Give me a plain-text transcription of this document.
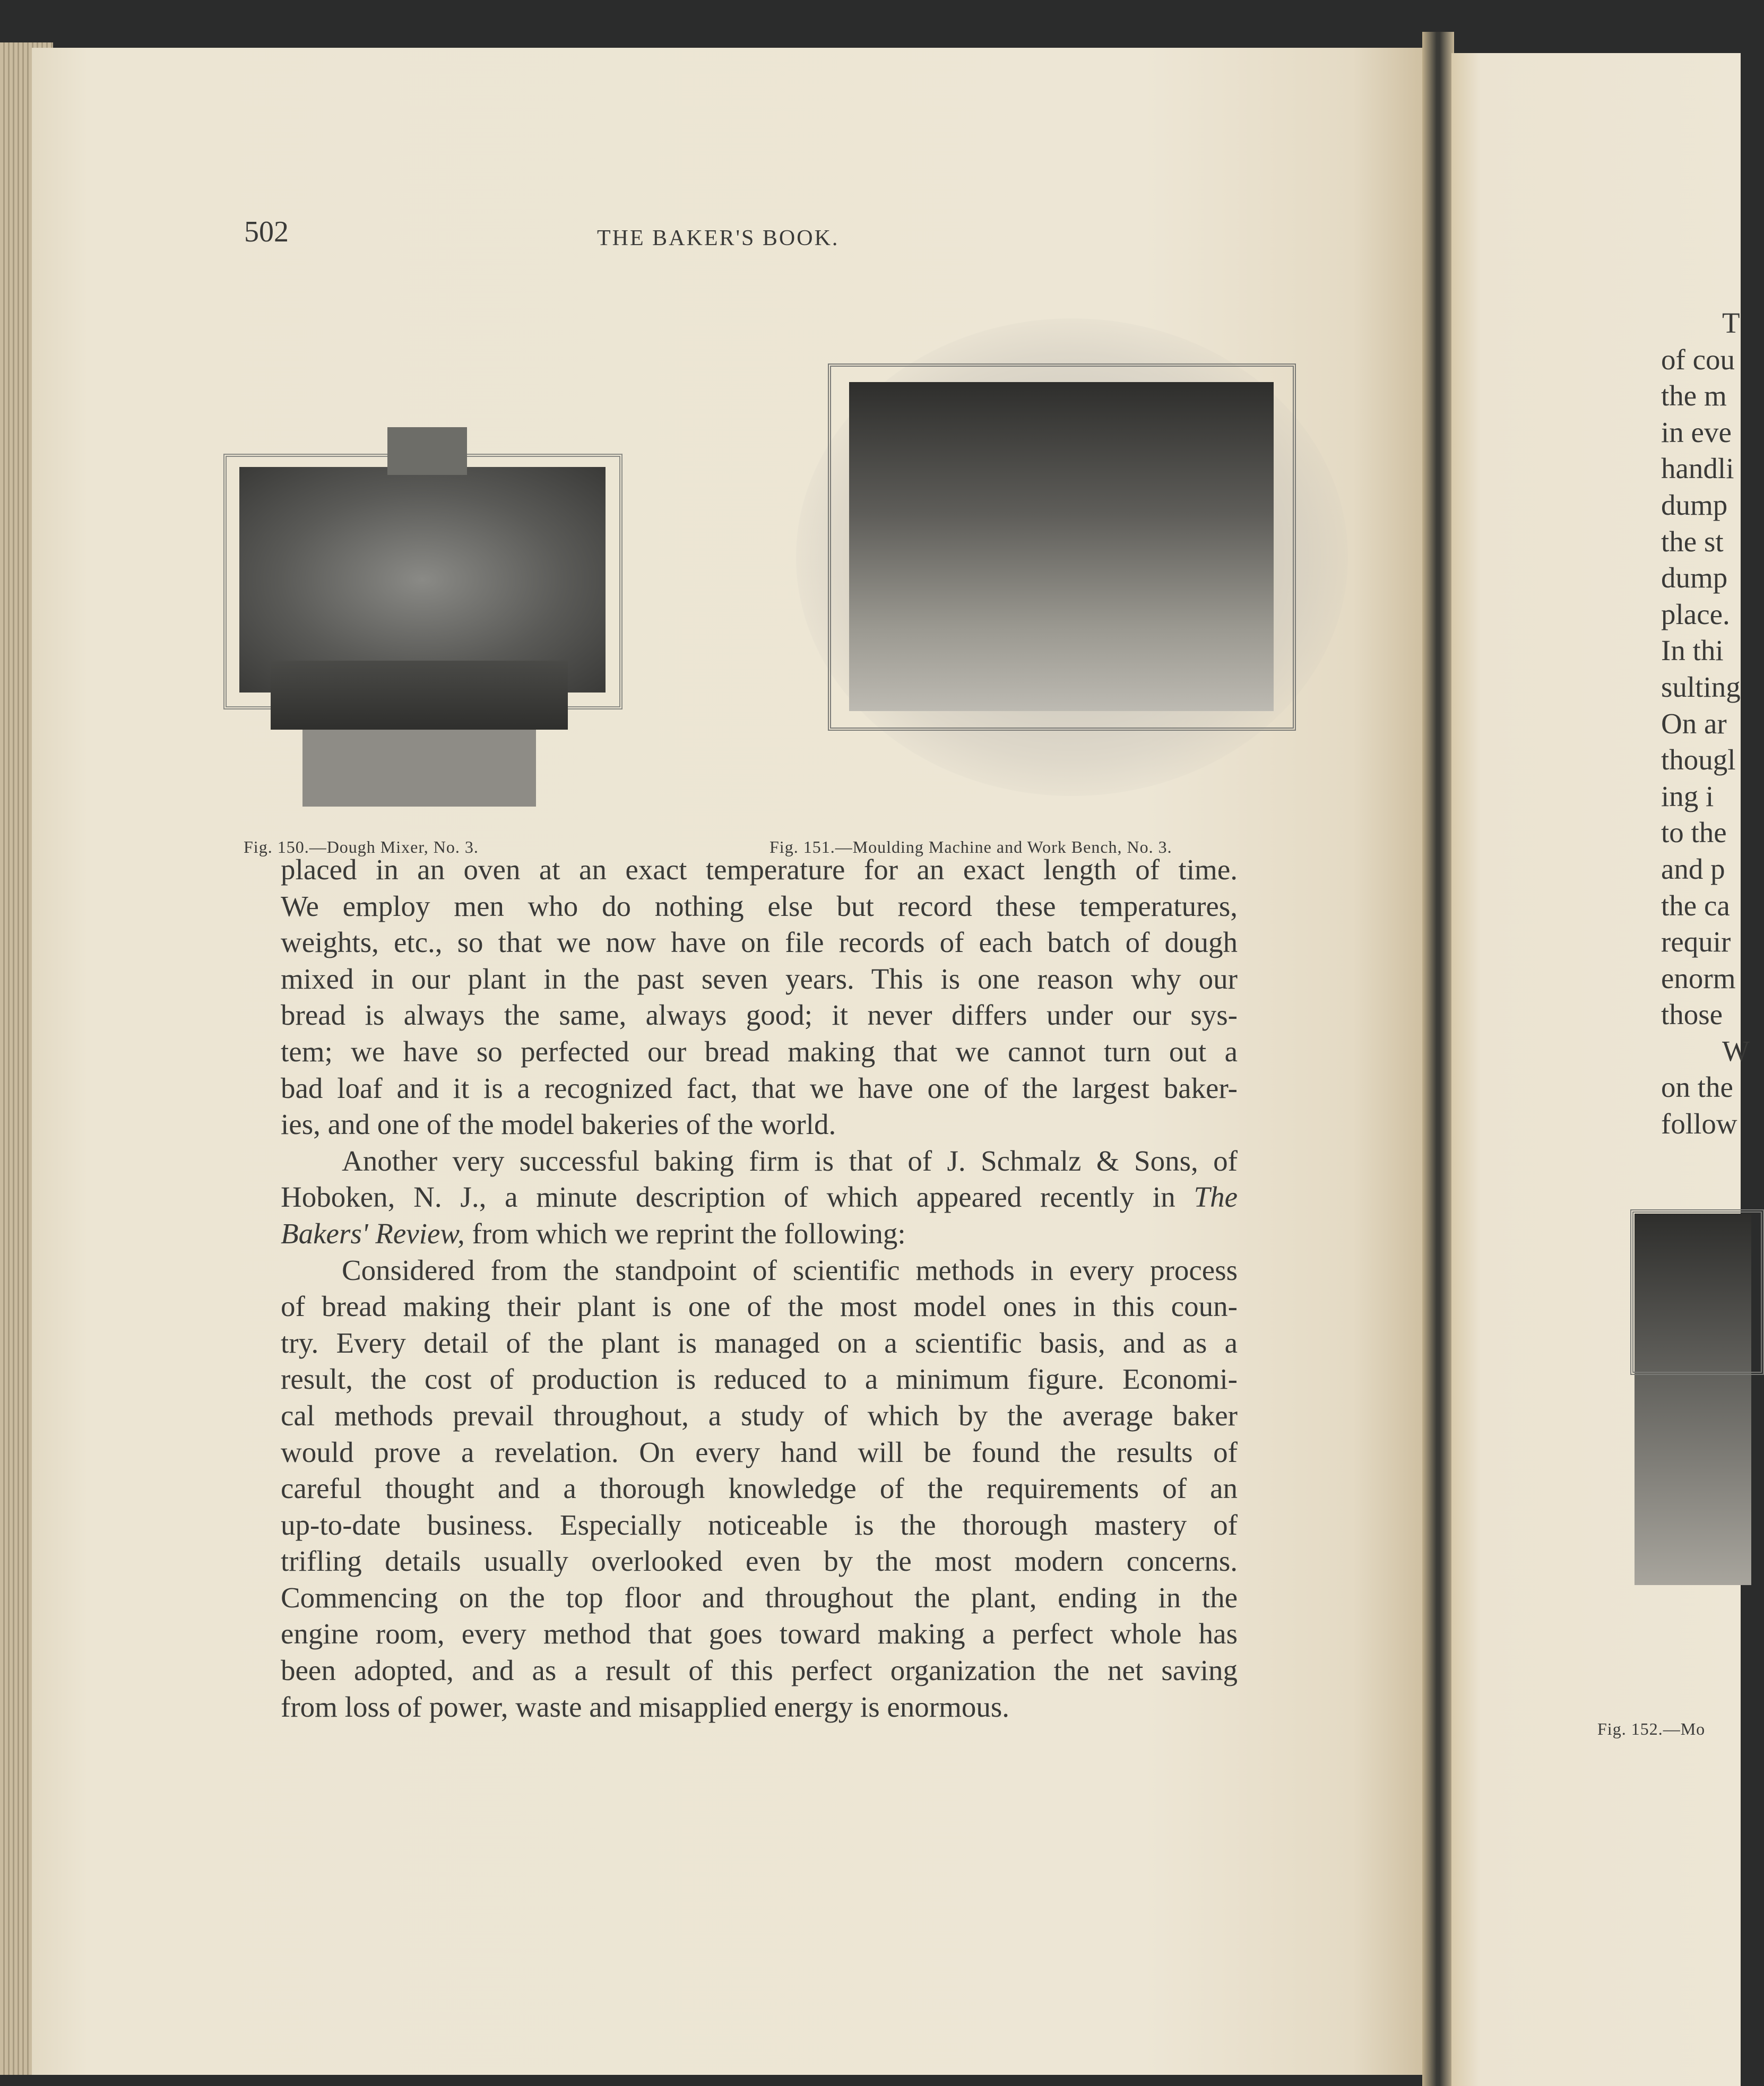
502	THE BAKER'S BOOK.
Fig. 150.—Dough Mixer, No. 3.	Fig. 151.—Moulding Machine and Work Bench, No. 3.
placed in an oven at an exact temperature for an exact length of time.
We employ men who do nothing else but record these temperatures,
weights, etc., so that we now have on file records of each batch of dough
mixed in our plant in the past seven years. This is one reason why our
bread is always the same, always good; it never differs under our sys-
tem; we have so perfected our bread making that we cannot turn out a
bad loaf and it is a recognized fact, that we have one of the largest baker-
ies, and one of the model bakeries of the world.
Another very successful baking firm is that of J. Schmalz & Sons, of
Hoboken, N. J., a minute description of which appeared recently in The
Bakers' Review, from which we reprint the following:
Considered from the standpoint of scientific methods in every process
of bread making their plant is one of the most model ones in this coun-
try. Every detail of the plant is managed on a scientific basis, and as a
result, the cost of production is reduced to a minimum figure. Economi-
cal methods prevail throughout, a study of which by the average baker
would prove a revelation. On every hand will be found the results of
careful thought and a thorough knowledge of the requirements of an
up-to-date business. Especially noticeable is the thorough mastery of
trifling details usually overlooked even by the most modern concerns.
Commencing on the top floor and throughout the plant, ending in the
engine room, every method that goes toward making a perfect whole has
been adopted, and as a result of this perfect organization the net saving
from loss of power, waste and misapplied energy is enormous.
T
of cou
the m
in eve
handli
dump
the st
dump
place.
In thi
sulting
On ar
thougl
ing i
to the
and p
the ca
requir
enorm
those
W
on the
follow
Fig. 152.—Mo
